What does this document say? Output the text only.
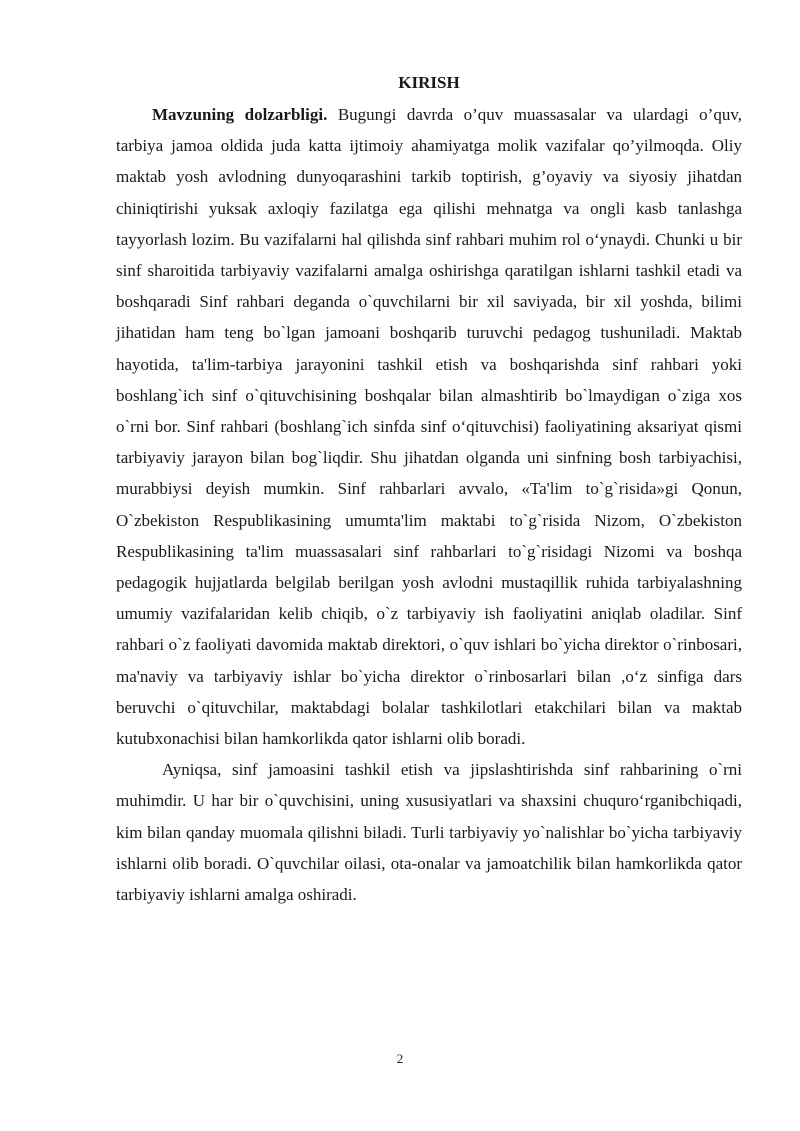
KIRISH

Mavzuning dolzarbligi. Bugungi davrda o’quv muassasalar va ulardagi o’quv, tarbiya jamoa oldida juda katta ijtimoiy ahamiyatga molik vazifalar qo’yilmoqda. Oliy maktab yosh avlodning dunyoqarashini tarkib toptirish, g’oyaviy va siyosiy jihatdan chiniqtirishi yuksak axloqiy fazilatga ega qilishi mehnatga va ongli kasb tanlashga tayyorlash lozim. Bu vazifalarni hal qilishda sinf rahbari muhim rol o‘ynaydi. Chunki u bir sinf sharoitida tarbiyaviy vazifalarni amalga oshirishga qaratilgan ishlarni tashkil etadi va boshqaradi Sinf rahbari deganda o`quvchilarni bir xil saviyada, bir xil yoshda, bilimi jihatidan ham teng bo`lgan jamoani boshqarib turuvchi pedagog tushuniladi. Maktab hayotida, ta'lim-tarbiya jarayonini tashkil etish va boshqarishda sinf rahbari yoki boshlang`ich sinf o`qituvchisining boshqalar bilan almashtirib bo`lmaydigan o`ziga xos o`rni bor. Sinf rahbari (boshlang`ich sinfda sinf o‘qituvchisi) faoliyatining aksariyat qismi tarbiyaviy jarayon bilan bog`liqdir. Shu jihatdan olganda uni sinfning bosh tarbiyachisi, murabbiysi deyish mumkin. Sinf rahbarlari avvalo, «Ta'lim to`g`risida»gi Qonun, O`zbekiston Respublikasining umumta'lim maktabi to`g`risida Nizom, O`zbekiston Respublikasining ta'lim muassasalari sinf rahbarlari to`g`risidagi Nizomi va boshqa pedagogik hujjatlarda belgilab berilgan yosh avlodni mustaqillik ruhida tarbiyalashning umumiy vazifalaridan kelib chiqib, o`z tarbiyaviy ish faoliyatini aniqlab oladilar. Sinf rahbari o`z faoliyati davomida maktab direktori, o`quv ishlari bo`yicha direktor o`rinbosari, ma'naviy va tarbiyaviy ishlar bo`yicha direktor o`rinbosarlari bilan ,o‘z sinfiga dars beruvchi o`qituvchilar, maktabdagi bolalar tashkilotlari etakchilari bilan va maktab kutubxonachisi bilan hamkorlikda qator ishlarni olib boradi.

Ayniqsa, sinf jamoasini tashkil etish va jipslashtirishda sinf rahbarining o`rni muhimdir. U har bir o`quvchisini, uning xususiyatlari va shaxsini chuquro‘rganibchiqadi, kim bilan qanday muomala qilishni biladi. Turli tarbiyaviy yo`nalishlar bo`yicha tarbiyaviy ishlarni olib boradi. O`quvchilar oilasi, ota-onalar va jamoatchilik bilan hamkorlikda qator tarbiyaviy ishlarni amalga oshiradi.

2
